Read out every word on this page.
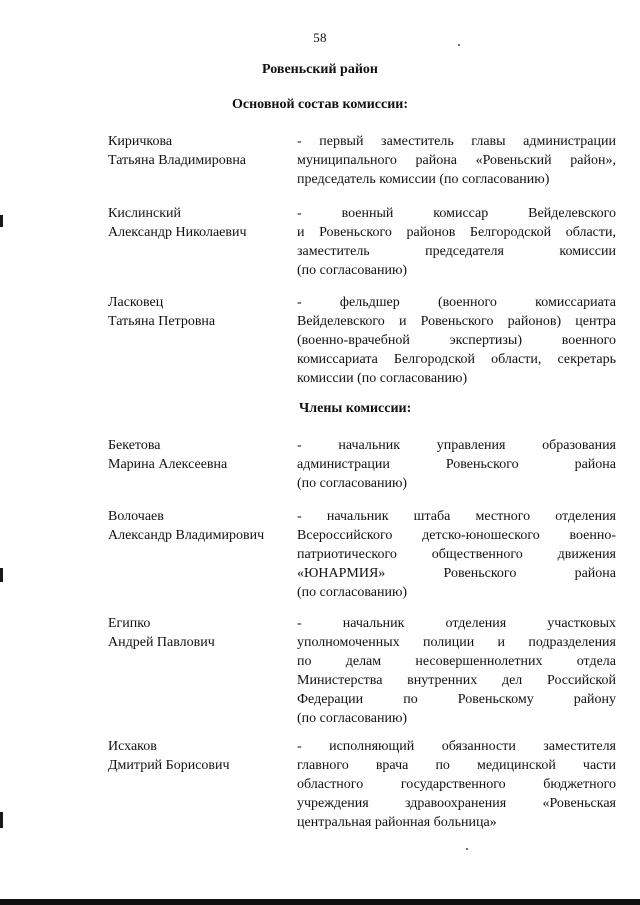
58
Ровеньский район
Основной состав комиссии:
Киричкова
Татьяна Владимировна
- первый заместитель главы администрации
муниципального района «Ровеньский район»,
председатель комиссии (по согласованию)
Кислинский
Александр Николаевич
- военный комиссар Вейделевского
и Ровеньского районов Белгородской области,
заместитель председателя комиссии
(по согласованию)
Ласковец
Татьяна Петровна
- фельдшер (военного комиссариата
Вейделевского и Ровеньского районов) центра
(военно-врачебной экспертизы) военного
комиссариата Белгородской области, секретарь
комиссии (по согласованию)
Члены комиссии:
Бекетова
Марина Алексеевна
- начальник управления образования
администрации Ровеньского района
(по согласованию)
Волочаев
Александр Владимирович
- начальник штаба местного отделения
Всероссийского детско-юношеского военно-
патриотического общественного движения
«ЮНАРМИЯ» Ровеньского района
(по согласованию)
Египко
Андрей Павлович
- начальник отделения участковых
уполномоченных полиции и подразделения
по делам несовершеннолетних отдела
Министерства внутренних дел Российской
Федерации по Ровеньскому району
(по согласованию)
Исхаков
Дмитрий Борисович
- исполняющий обязанности заместителя
главного врача по медицинской части
областного государственного бюджетного
учреждения здравоохранения «Ровеньская
центральная районная больница»
